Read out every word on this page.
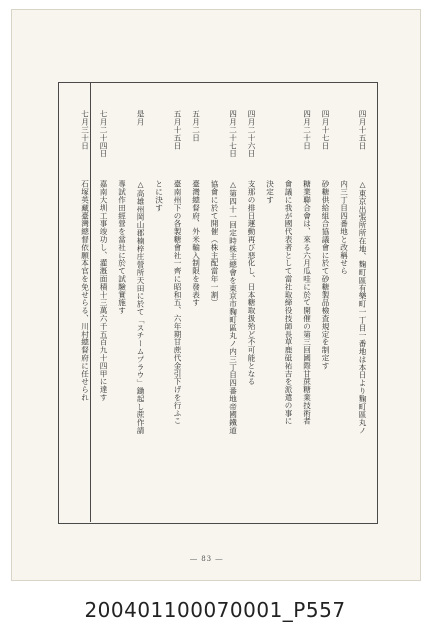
四月十五日
△東京出張所所在地、麴町區有樂町一丁目一番地は本日より麴町區丸ノ
内三丁目四番地と改稱せら
四月十七日
砂糖供給組合協議會に於て砂糖製品檢査規定を制定す
四月二十日
糖業聯合會は、來る六月瓜哇に於て開催の第三回國際甘蔗糖業技術者
會議に我が國代表者として當社取締役技師長草鹿砥祐吉を派遣の事に
決定す
四月二十六日
支那の排日運動再び惡化し、日本糖取扱殆ど不可能となる
四月二十七日
△第四十一回定時株主總會を東京市麴町區丸ノ内三丁目四番地帝國鐵道
協會に於て開催（株主配當年一割）
五月二日
臺灣總督府、外米輸入制限を發表す
五月十五日
臺南州下の各製糖會社一齊に昭和五、六年期甘蔗代金引下げを行ふこ
とに決す
是月
△高雄州岡山郡楠梓庄營所天田に於て「スチームプラウ」鋤起し蔗作請
專試作田經營を當社に於て試驗實施す
七月二十四日
嘉南大圳工事竣功し、灌漑面積十三萬六千五百九十四甲に達す
七月三十日
石塚英藏臺灣總督依願本官を免せらる、川村總督府に任せられ
― 83 ―
200401100070001_P557
